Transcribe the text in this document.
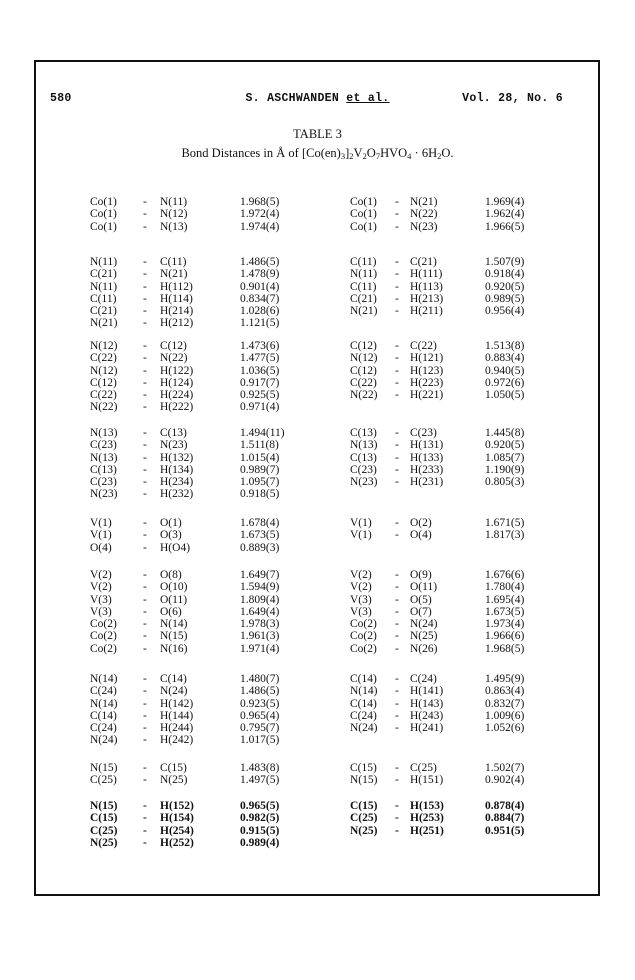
580	S. ASCHWANDEN et al.	Vol. 28, No. 6
TABLE 3
Bond Distances in Å of $[Co(en)_3]_2V_2O_7HVO_4 \cdot 6H_2O$.
Co(1) - N(11)	1.968(5)	Co(1) - N(21)	1.969(4)
Co(1) - N(12)	1.972(4)	Co(1) - N(22)	1.962(4)
Co(1) - N(13)	1.974(4)	Co(1) - N(23)	1.966(5)
N(11) - C(11)	1.486(5)	C(11) - C(21)	1.507(9)
C(21) - N(21)	1.478(9)	N(11) - H(111)	0.918(4)
N(11) - H(112)	0.901(4)	C(11) - H(113)	0.920(5)
C(11) - H(114)	0.834(7)	C(21) - H(213)	0.989(5)
C(21) - H(214)	1.028(6)	N(21) - H(211)	0.956(4)
N(21) - H(212)	1.121(5)
N(12) - C(12)	1.473(6)	C(12) - C(22)	1.513(8)
C(22) - N(22)	1.477(5)	N(12) - H(121)	0.883(4)
N(12) - H(122)	1.036(5)	C(12) - H(123)	0.940(5)
C(12) - H(124)	0.917(7)	C(22) - H(223)	0.972(6)
C(22) - H(224)	0.925(5)	N(22) - H(221)	1.050(5)
N(22) - H(222)	0.971(4)
N(13) - C(13)	1.494(11)	C(13) - C(23)	1.445(8)
C(23) - N(23)	1.511(8)	N(13) - H(131)	0.920(5)
N(13) - H(132)	1.015(4)	C(13) - H(133)	1.085(7)
C(13) - H(134)	0.989(7)	C(23) - H(233)	1.190(9)
C(23) - H(234)	1.095(7)	N(23) - H(231)	0.805(3)
N(23) - H(232)	0.918(5)
V(1)	- O(1)	1.678(4)	V(1) - O(2)	1.671(5)
V(1)	- O(3)	1.673(5)	V(1) - O(4)	1.817(3)
O(4)	- H(O4)	0.889(3)
V(2)	- O(8)	1.649(7)	V(2) - O(9)	1.676(6)
V(2)	- O(10)	1.594(9)	V(2) - O(11)	1.780(4)
V(3)	- O(11)	1.809(4)	V(3) - O(5)	1.695(4)
V(3)	- O(6)	1.649(4)	V(3) - O(7)	1.673(5)
Co(2) - N(14)	1.978(3)	Co(2) - N(24)	1.973(4)
Co(2) - N(15)	1.961(3)	Co(2) - N(25)	1.966(6)
Co(2) - N(16)	1.971(4)	Co(2) - N(26)	1.968(5)
N(14) - C(14)	1.480(7)	C(14) - C(24)	1.495(9)
C(24) - N(24)	1.486(5)	N(14) - H(141)	0.863(4)
N(14) - H(142)	0.923(5)	C(14) - H(143)	0.832(7)
C(14) - H(144)	0.965(4)	C(24) - H(243)	1.009(6)
C(24) - H(244)	0.795(7)	N(24) - H(241)	1.052(6)
N(24) - H(242)	1.017(5)
N(15) - C(15)	1.483(8)	C(15) - C(25)	1.502(7)
C(25) - N(25)	1.497(5)	N(15) - H(151)	0.902(4)
N(15) - H(152)	0.965(5)	C(15) - H(153)	0.878(4)
C(15) - H(154)	0.982(5)	C(25) - H(253)	0.884(7)
C(25) - H(254)	0.915(5)	N(25) - H(251)	0.951(5)
N(25) - H(252)	0.989(4)
